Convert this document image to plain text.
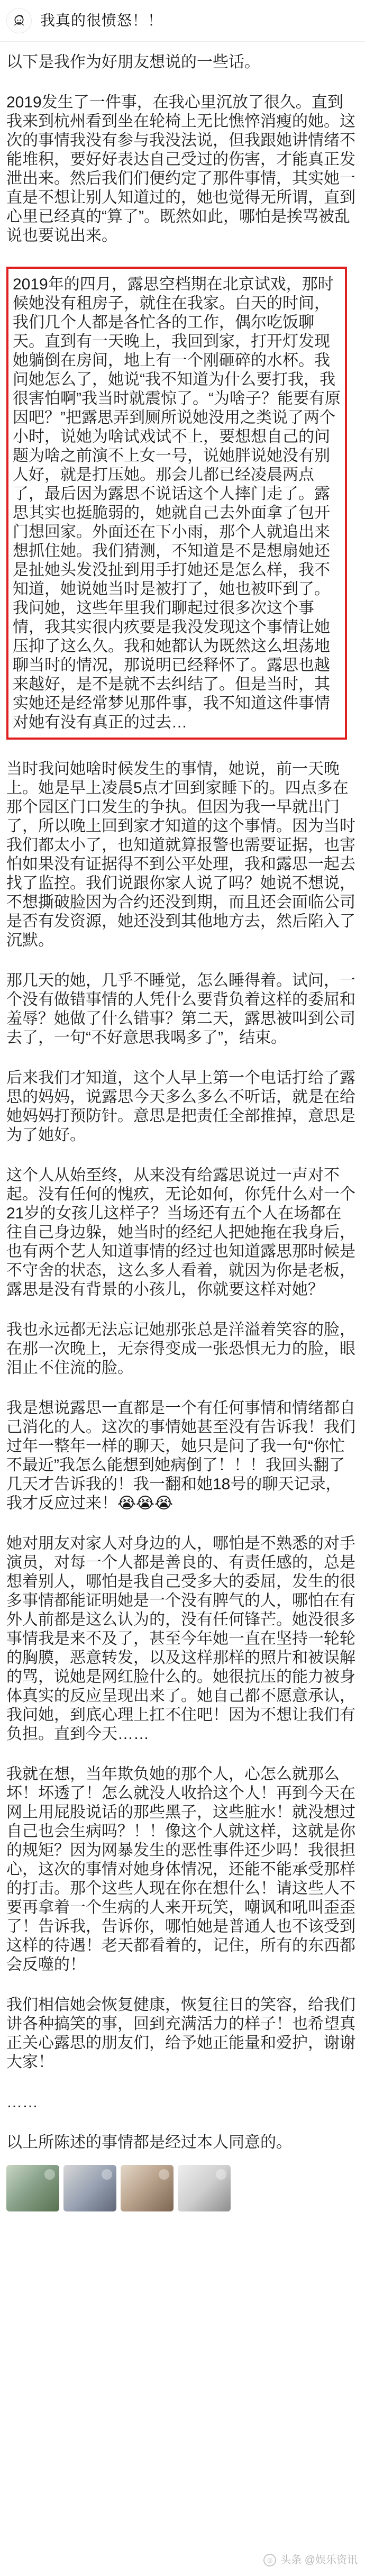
我真的很愤怒！！
以下是我作为好朋友想说的一些话。
2019发生了一件事，在我心里沉放了很久。直到我来到杭州看到坐在轮椅上无比憔悴消瘦的她。这次的事情我没有参与我没法说，但我跟她讲情绪不能堆积，要好好表达自己受过的伤害，才能真正发泄出来。然后我们们便约定了那件事情，其实她一直是不想让别人知道过的，她也觉得无所谓，直到心里已经真的“算了”。既然如此，哪怕是挨骂被乱说也要说出来。
2019年的四月，露思空档期在北京试戏，那时候她没有租房子，就住在我家。白天的时间，我们几个人都是各忙各的工作，偶尔吃饭聊天。直到有一天晚上，我回到家，打开灯发现她躺倒在房间，地上有一个刚砸碎的水杯。我问她怎么了，她说“我不知道为什么要打我，我很害怕啊”我当时就震惊了。“为啥子？能要有原因吧？”把露思弄到厕所说她没用之类说了两个小时，说她为啥试戏试不上，要想想自己的问题为啥之前演不上女一号，说她胖说她没有别人好，就是打压她。那会儿都已经凌晨两点了，最后因为露思不说话这个人摔门走了。露思其实也挺脆弱的，她就自己去外面拿了包开门想回家。外面还在下小雨，那个人就追出来想抓住她。我们猜测，不知道是不是想扇她还是扯她头发没扯到用手打她还是怎么样，我不知道，她说她当时是被打了，她也被吓到了。我问她，这些年里我们聊起过很多次这个事情，我其实很内疚要是我没发现这个事情让她压抑了这么久。我和她都认为既然这么坦荡地聊当时的情况，那说明已经释怀了。露思也越来越好，是不是就不去纠结了。但是当时，其实她还是经常梦见那件事，我不知道这件事情对她有没有真正的过去…
当时我问她啥时候发生的事情，她说，前一天晚上。她是早上凌晨5点才回到家睡下的。四点多在那个园区门口发生的争执。但因为我一早就出门了，所以晚上回到家才知道的这个事情。因为当时我们都太小了，也知道就算报警也需要证据，也害怕如果没有证据得不到公平处理，我和露思一起去找了监控。我们说跟你家人说了吗？她说不想说，不想撕破脸因为合约还没到期，而且还会面临公司是否有发资源，她还没到其他地方去，然后陷入了沉默。
那几天的她，几乎不睡觉，怎么睡得着。试问，一个没有做错事情的人凭什么要背负着这样的委屈和羞辱？她做了什么错事？第二天，露思被叫到公司去了，一句“不好意思我喝多了”，结束。
后来我们才知道，这个人早上第一个电话打给了露思的妈妈，说露思今天多么多么不听话，就是在给她妈妈打预防针。意思是把责任全部推掉，意思是为了她好。
这个人从始至终，从来没有给露思说过一声对不起。没有任何的愧疚，无论如何，你凭什么对一个21岁的女孩儿这样子？当场还有五个人在场都在往自己身边躲，她当时的经纪人把她拖在我身后，也有两个艺人知道事情的经过也知道露思那时候是不守舍的状态，这么多人看着，就因为你是老板，露思是没有背景的小孩儿，你就要这样对她？
我也永远都无法忘记她那张总是洋溢着笑容的脸，在那一次晚上，无奈得变成一张恐惧无力的脸，眼泪止不住流的脸。
我是想说露思一直都是一个有任何事情和情绪都自己消化的人。这次的事情她甚至没有告诉我！我们过年一整年一样的聊天，她只是问了我一句“你忙不最近”我怎么能想到她病倒了！！！我回头翻了几天才告诉我的！我一翻和她18号的聊天记录，我才反应过来！😭😭😭
她对朋友对家人对身边的人，哪怕是不熟悉的对手演员，对每一个人都是善良的、有责任感的，总是想着别人，哪怕是我自己受多大的委屈，发生的很多事情都能证明她是一个没有脾气的人，哪怕在有外人前都是这么认为的，没有任何锋芒。她没很多事情我是来不及了，甚至今年她一直在坚持一轮轮的胸膜，恶意转发，以及这样那样的照片和被误解的骂，说她是网红脸什么的。她很抗压的能力被身体真实的反应呈现出来了。她自己都不愿意承认，我问她，到底心理上扛不住吧！因为不想让我们有负担。直到今天……
我就在想，当年欺负她的那个人，心怎么就那么坏！坏透了！怎么就没人收拾这个人！再到今天在网上用屁股说话的那些黑子，这些脏水！就没想过自己也会生病吗？！！像这个人就这样，这就是你的规矩？因为网暴发生的恶性事件还少吗！我很担心，这次的事情对她身体情况，还能不能承受那样的打击。那个这些人现在你在想什么！请这些人不要再拿着一个生病的人来开玩笑，嘲讽和吼叫歪歪了！告诉我，告诉你，哪怕她是普通人也不该受到这样的待遇！老天都看着的，记住，所有的东西都会反噬的！
我们相信她会恢复健康，恢复往日的笑容，给我们讲各种搞笑的事，回到充满活力的样子！也希望真正关心露思的朋友们，给予她正能量和爱护，谢谢大家！
……
以上所陈述的事情都是经过本人同意的。
◎ 头条 @娱乐资讯
